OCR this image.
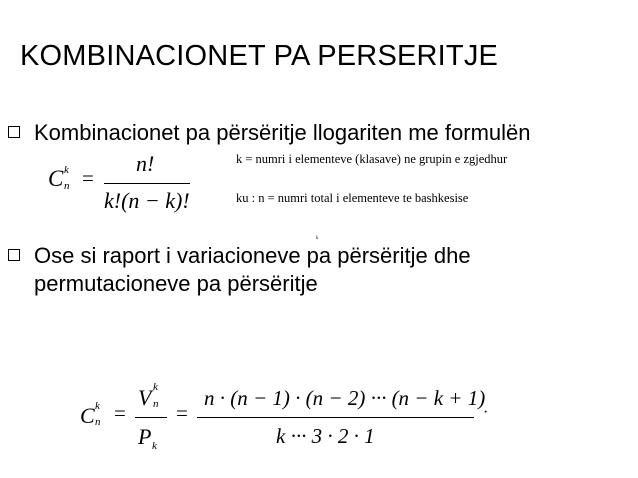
KOMBINACIONET PA PERSERITJE
Kombinacionet pa përsëritje llogariten me formulën
C k
n =
n!
k!(n − k)!
k = numri i elementeve (klasave) ne grupin e zgjedhur
ku : n = numri total i elementeve te bashkesise
k
Ose si raport i variacioneve pa përsëritje dhe permutacioneve pa përsëritje
C k
n =
V k
n
P k
=
n · (n − 1) · (n − 2) ··· (n − k + 1)
k ··· 3 · 2 · 1
·
